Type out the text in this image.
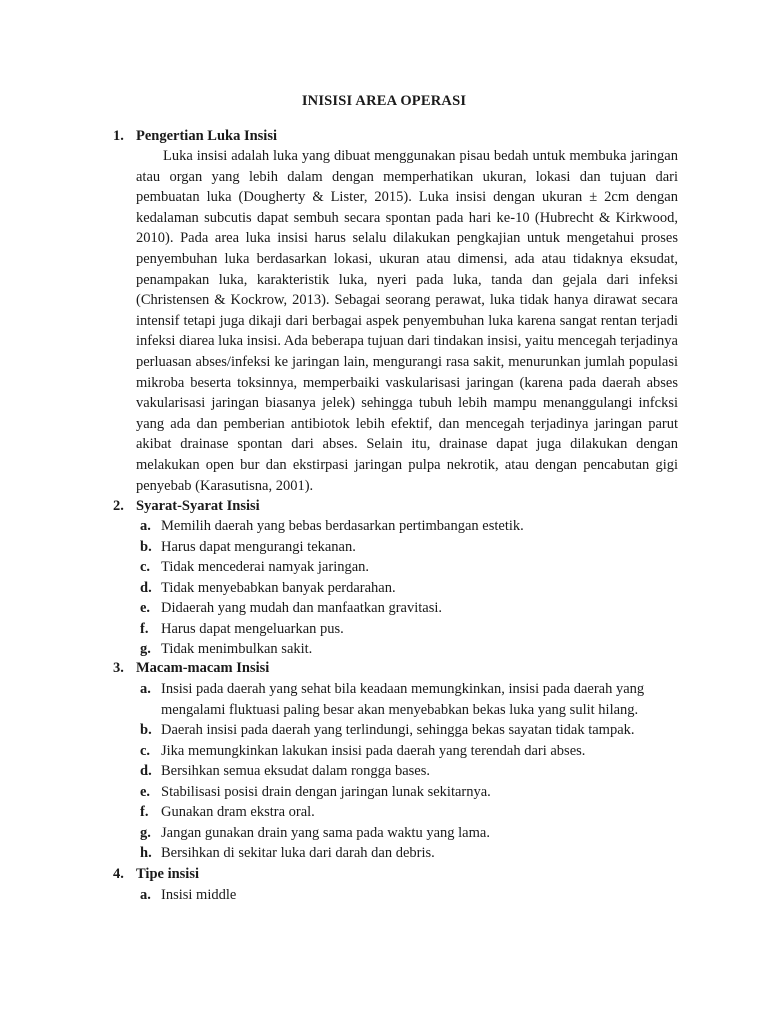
INISISI AREA OPERASI
1. Pengertian Luka Insisi
Luka insisi adalah luka yang dibuat menggunakan pisau bedah untuk membuka jaringan atau organ yang lebih dalam dengan memperhatikan ukuran, lokasi dan tujuan dari pembuatan luka (Dougherty & Lister, 2015). Luka insisi dengan ukuran ± 2cm dengan kedalaman subcutis dapat sembuh secara spontan pada hari ke-10 (Hubrecht & Kirkwood, 2010). Pada area luka insisi harus selalu dilakukan pengkajian untuk mengetahui proses penyembuhan luka berdasarkan lokasi, ukuran atau dimensi, ada atau tidaknya eksudat, penampakan luka, karakteristik luka, nyeri pada luka, tanda dan gejala dari infeksi (Christensen & Kockrow, 2013). Sebagai seorang perawat, luka tidak hanya dirawat secara intensif tetapi juga dikaji dari berbagai aspek penyembuhan luka karena sangat rentan terjadi infeksi diarea luka insisi. Ada beberapa tujuan dari tindakan insisi, yaitu mencegah terjadinya perluasan abses/infeksi ke jaringan lain, mengurangi rasa sakit, menurunkan jumlah populasi mikroba beserta toksinnya, memperbaiki vaskularisasi jaringan (karena pada daerah abses vakularisasi jaringan biasanya jelek) sehingga tubuh lebih mampu menanggulangi infcksi yang ada dan pemberian antibiotok lebih efektif, dan mencegah terjadinya jaringan parut akibat drainase spontan dari abses. Selain itu, drainase dapat juga dilakukan dengan melakukan open bur dan ekstirpasi jaringan pulpa nekrotik, atau dengan pencabutan gigi penyebab (Karasutisna, 2001).
2. Syarat-Syarat Insisi
a. Memilih daerah yang bebas berdasarkan pertimbangan estetik.
b. Harus dapat mengurangi tekanan.
c. Tidak mencederai namyak jaringan.
d. Tidak menyebabkan banyak perdarahan.
e. Didaerah yang mudah dan manfaatkan gravitasi.
f. Harus dapat mengeluarkan pus.
g. Tidak menimbulkan sakit.
3. Macam-macam Insisi
a. Insisi pada daerah yang sehat bila keadaan memungkinkan, insisi pada daerah yang mengalami fluktuasi paling besar akan menyebabkan bekas luka yang sulit hilang.
b. Daerah insisi pada daerah yang terlindungi, sehingga bekas sayatan tidak tampak.
c. Jika memungkinkan lakukan insisi pada daerah yang terendah dari abses.
d. Bersihkan semua eksudat dalam rongga bases.
e. Stabilisasi posisi drain dengan jaringan lunak sekitarnya.
f. Gunakan dram ekstra oral.
g. Jangan gunakan drain yang sama pada waktu yang lama.
h. Bersihkan di sekitar luka dari darah dan debris.
4. Tipe insisi
a. Insisi middle
